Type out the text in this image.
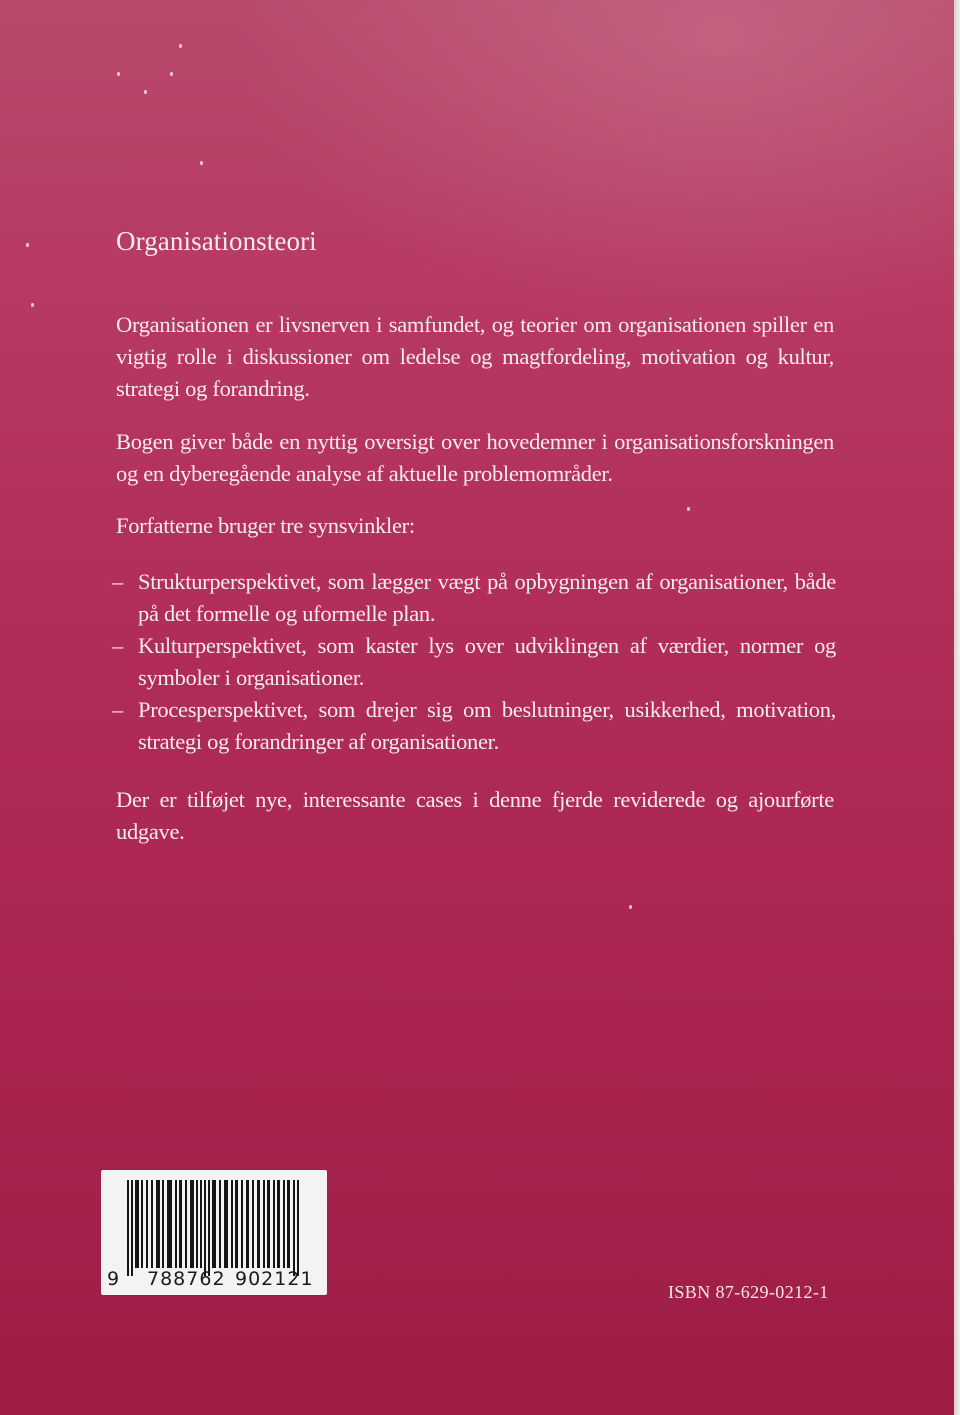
Organisationsteori

Organisationen er livsnerven i samfundet, og teorier om organisationen spiller en vigtig rolle i diskussioner om ledelse og magtfordeling, motivation og kultur, strategi og forandring.

Bogen giver både en nyttig oversigt over hovedemner i organisationsforskningen og en dyberegående analyse af aktuelle problemområder.

Forfatterne bruger tre synsvinkler:

– Strukturperspektivet, som lægger vægt på opbygningen af organisationer, både på det formelle og uformelle plan.
– Kulturperspektivet, som kaster lys over udviklingen af værdier, normer og symboler i organisationer.
– Procesperspektivet, som drejer sig om beslutninger, usikkerhed, motivation, strategi og forandringer af organisationer.

Der er tilføjet nye, interessante cases i denne fjerde reviderede og ajourførte udgave.

9 788762 902121
ISBN 87-629-0212-1
